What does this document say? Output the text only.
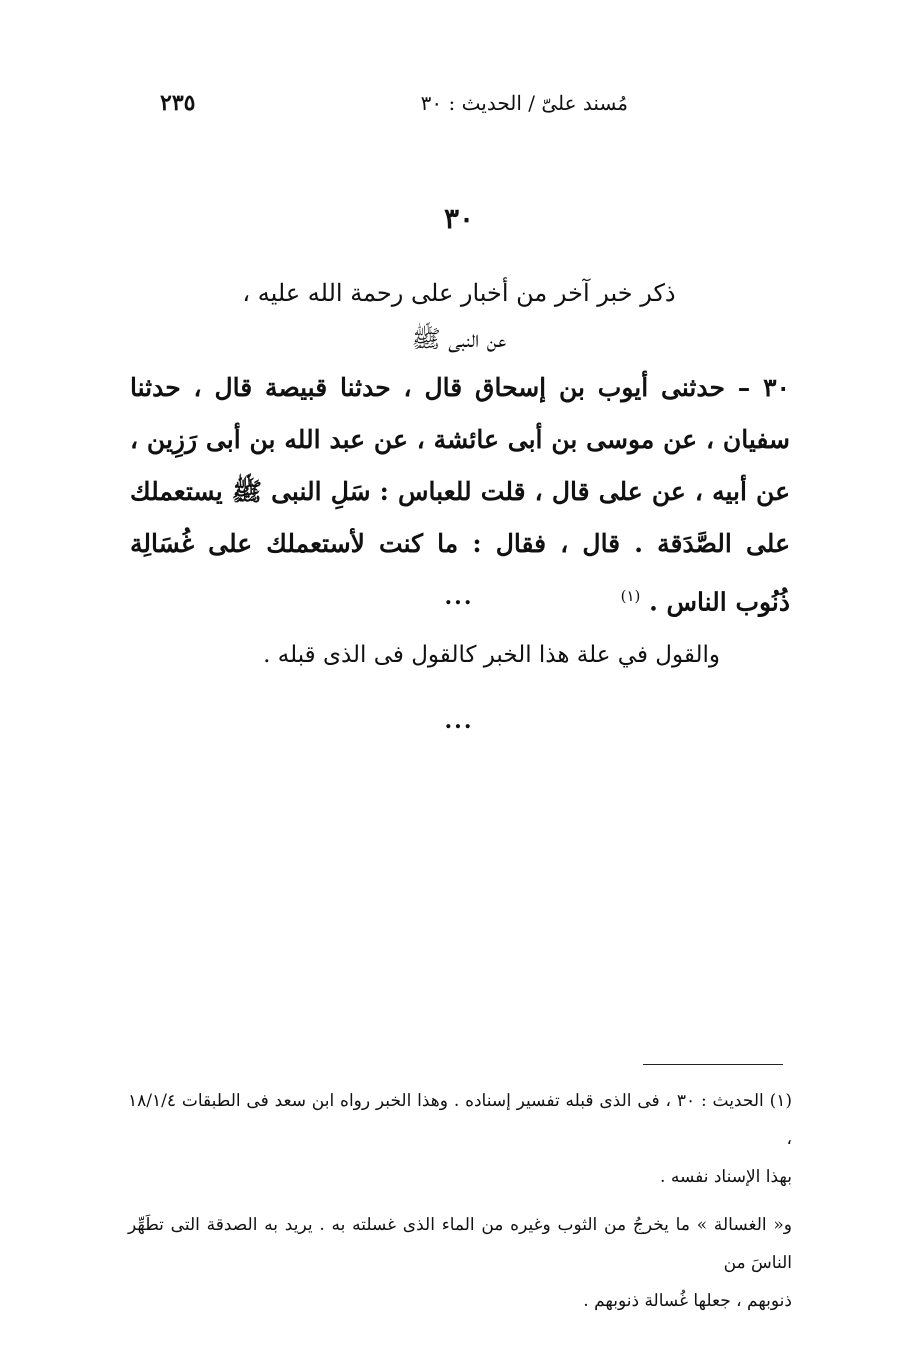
٢٣٥	مُسند علىّ / الحديث : ٣٠
٣٠
ذكر خبر آخر من أخبار على رحمة الله عليه ،
عن النبى ﷺ
٣٠ – حدثنى أيوب بن إسحاق قال ، حدثنا قبيصة قال ، حدثنا سفيان ، عن موسى بن أبى عائشة ، عن عبد الله بن أبى رَزِين ، عن أبيه ، عن على قال ، قلت للعباس : سَلِ النبى ﷺ يستعملك على الصَّدَقة . قال ، فقال : ما كنت لأستعملك على غُسَالِة ذُنُوب الناس . $^{(١)}$
...
والقول في علة هذا الخبر كالقول فى الذى قبله .
...

(١) الحديث : ٣٠ ، فى الذى قبله تفسير إسناده . وهذا الخبر رواه ابن سعد فى الطبقات ١٨/١/٤ ،

بهذا الإسناد نفسه .

و« الغسالة » ما يخرجُ من الثوب وغيره من الماء الذى غسلته به . يريد به الصدقة التى تطَهِّر الناسَ من

ذنوبهم ، جعلها غُسالة ذنوبهم .
